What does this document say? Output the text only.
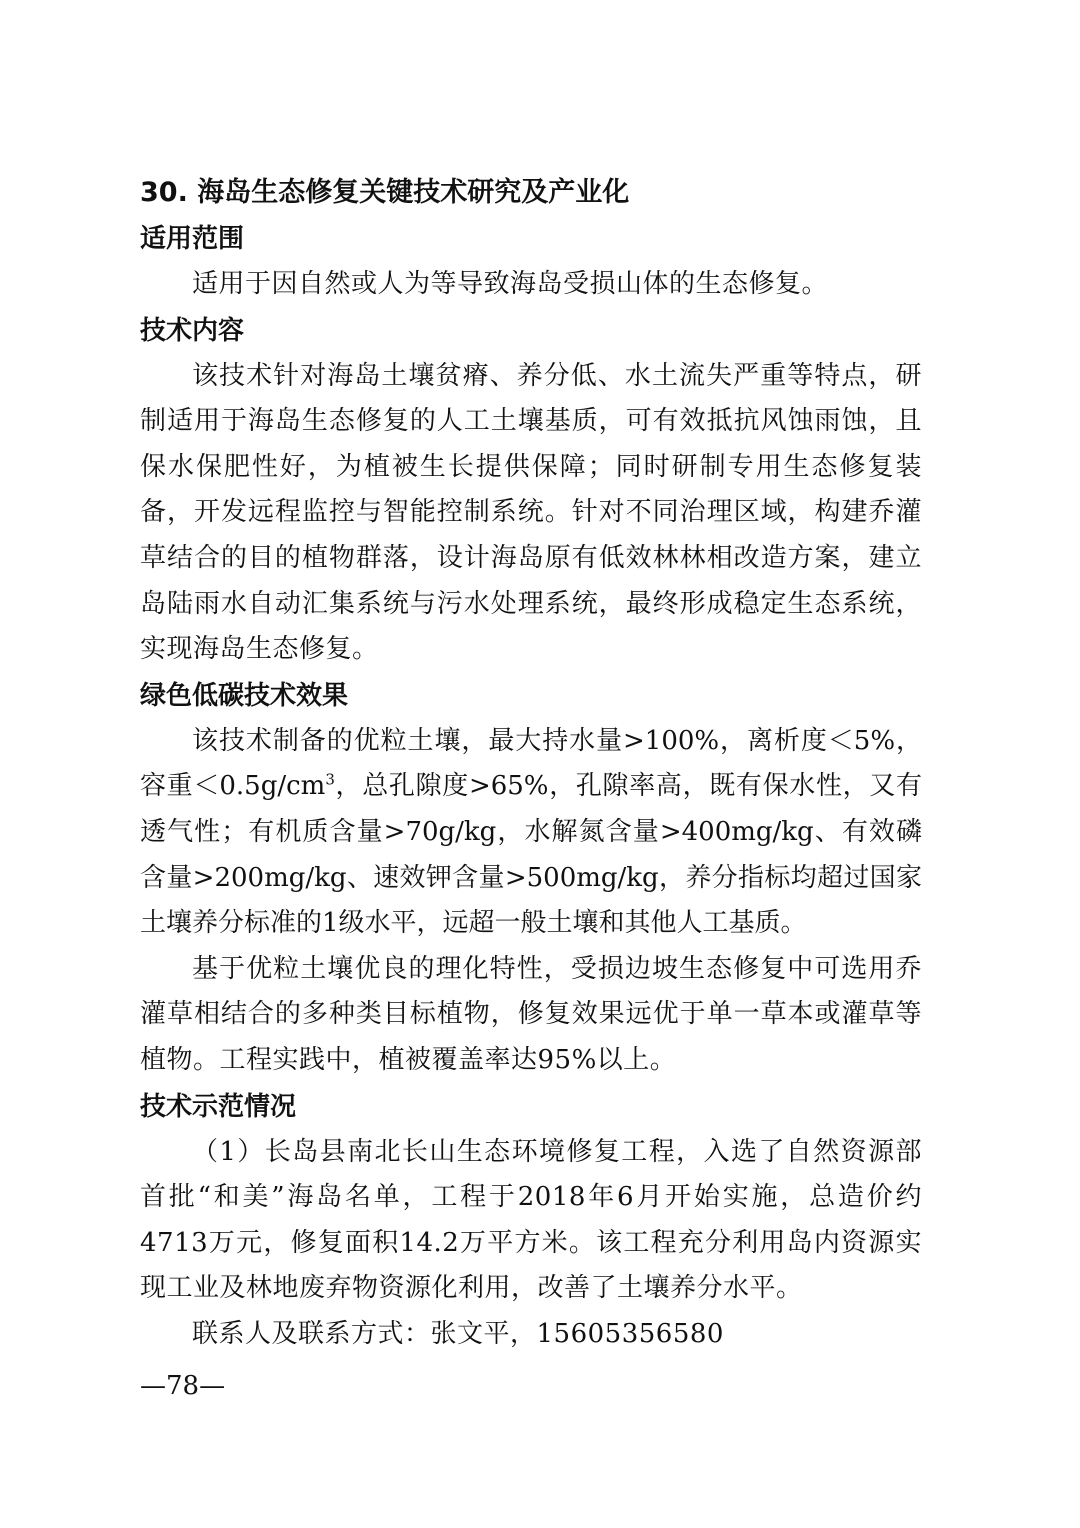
30. 海岛生态修复关键技术研究及产业化
适用范围

适用于因自然或人为等导致海岛受损山体的生态修复。

技术内容

该技术针对海岛土壤贫瘠、养分低、水土流失严重等特点，研制适用于海岛生态修复的人工土壤基质，可有效抵抗风蚀雨蚀，且保水保肥性好，为植被生长提供保障；同时研制专用生态修复装备，开发远程监控与智能控制系统。针对不同治理区域，构建乔灌草结合的目的植物群落，设计海岛原有低效林林相改造方案，建立岛陆雨水自动汇集系统与污水处理系统，最终形成稳定生态系统，实现海岛生态修复。

绿色低碳技术效果

该技术制备的优粒土壤，最大持水量>100%，离析度＜5%，容重$<0.5g/cm^3$，总孔隙度>65%，孔隙率高，既有保水性，又有透气性；有机质含量>70g/kg，水解氮含量>400mg/kg、有效磷含量>200mg/kg、速效钾含量>500mg/kg，养分指标均超过国家土壤养分标准的1级水平，远超一般土壤和其他人工基质。

基于优粒土壤优良的理化特性，受损边坡生态修复中可选用乔灌草相结合的多种类目标植物，修复效果远优于单一草本或灌草等植物。工程实践中，植被覆盖率达95%以上。

技术示范情况

（1）长岛县南北长山生态环境修复工程，入选了自然资源部首批“和美”海岛名单，工程于2018年6月开始实施，总造价约4713万元，修复面积14.2万平方米。该工程充分利用岛内资源实现工业及林地废弃物资源化利用，改善了土壤养分水平。

联系人及联系方式：张文平，15605356580

—78—
